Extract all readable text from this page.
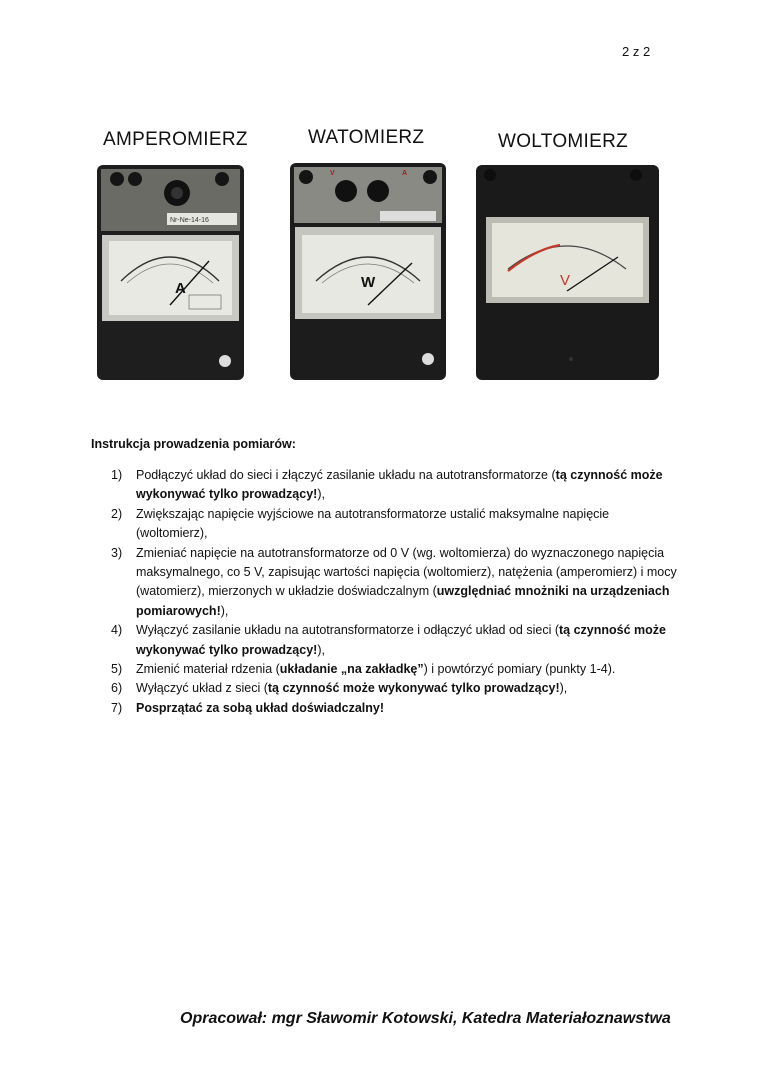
2 z 2
AMPEROMIERZ	WATOMIERZ	WOLTOMIERZ
Nr-Ne-14-16
A
V	A
W	V
Instrukcja prowadzenia pomiarów:
1)	Podłączyć układ do sieci i złączyć zasilanie układu na autotransformatorze (tą czynność może wykonywać tylko prowadzący!),
2)	Zwiększając napięcie wyjściowe na autotransformatorze ustalić maksymalne napięcie (woltomierz),
3)	Zmieniać napięcie na autotransformatorze od 0 V (wg. woltomierza) do wyznaczonego napięcia maksymalnego, co 5 V, zapisując wartości napięcia (woltomierz), natężenia (amperomierz) i mocy (watomierz), mierzonych w układzie doświadczalnym (uwzględniać mnożniki na urządzeniach pomiarowych!),
4)	Wyłączyć zasilanie układu na autotransformatorze i odłączyć układ od sieci (tą czynność może wykonywać tylko prowadzący!),
5)	Zmienić materiał rdzenia (układanie „na zakładkę”) i powtórzyć pomiary (punkty 1-4).
6)	Wyłączyć układ z sieci (tą czynność może wykonywać tylko prowadzący!),
7)	Posprzątać za sobą układ doświadczalny!
Opracował: mgr Sławomir Kotowski, Katedra Materiałoznawstwa
